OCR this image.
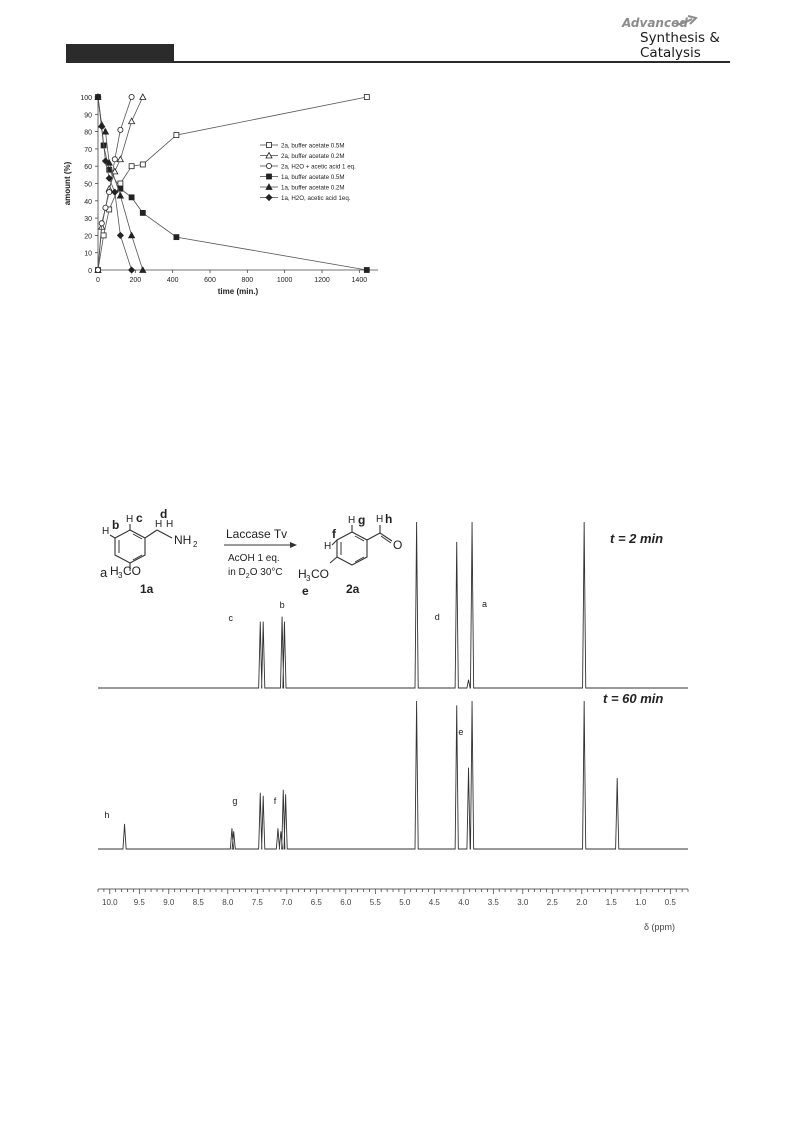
Advanced
Synthesis &
Catalysis
0
10
20
30
40
50
60
70
80
90
100
0	200	400	600	800	1000	1200	1400
time (min.)
amount (%)
2a, buffer acetate 0.5M
2a, buffer acetate 0.2M
2a, H2O + acetic acid 1 eq.
1a, buffer acetate 0.5M
1a, buffer acetate 0.2M
1a, H2O, acetic acid 1eq.
a H 3 CO
H b H c d
H H
NH 2
1a
Laccase Tv
AcOH 1 eq.
in $D_2O$ 30°C H 3 CO
e
H
f
H g H h
O
2a
10.0 9.5 9.0 8.5 8.0 7.5 7.0 6.5 6.0 5.5 5.0 4.5 4.0 3.5 3.0 2.5 2.0 1.5 1.0 0.5
δ (ppm)
t = 2 min
t = 60 min
c
b
d
a
e
h
g	f
